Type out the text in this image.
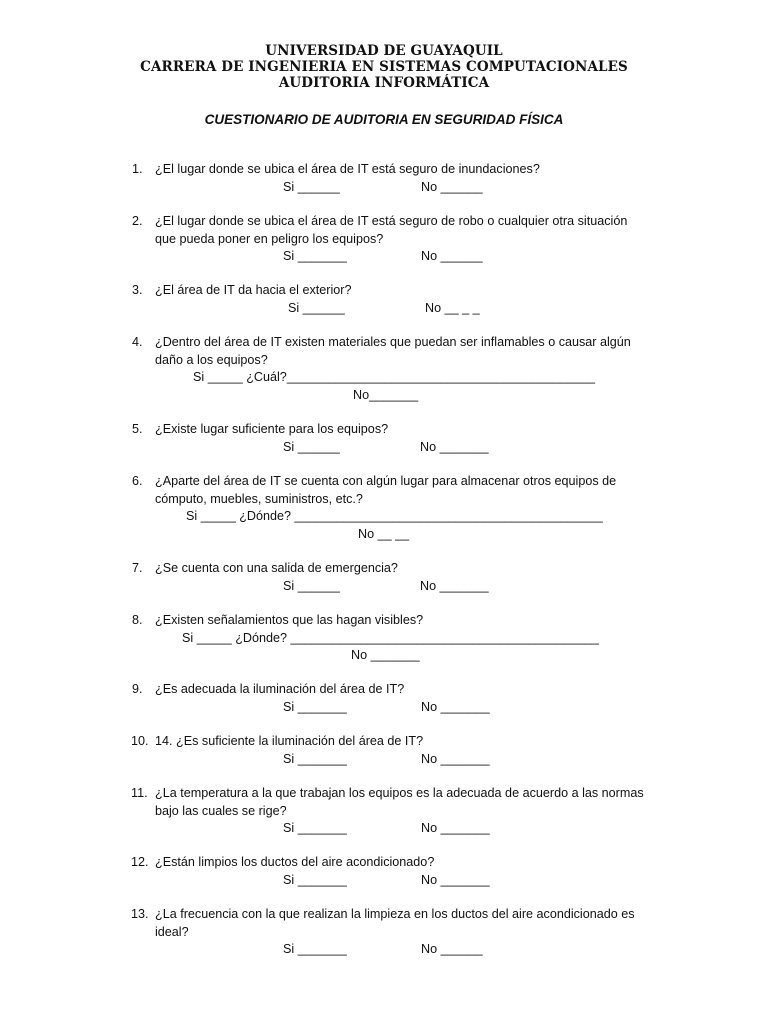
UNIVERSIDAD DE GUAYAQUIL
CARRERA DE INGENIERIA EN SISTEMAS COMPUTACIONALES
AUDITORIA INFORMÁTICA
CUESTIONARIO DE AUDITORIA EN SEGURIDAD FÍSICA
1. ¿El lugar donde se ubica el área de IT está seguro de inundaciones?
Si ______	No ______
2. ¿El lugar donde se ubica el área de IT está seguro de robo o cualquier otra situación
que pueda poner en peligro los equipos?
Si _______	No ______
3. ¿El área de IT da hacia el exterior?
Si ______	No __ _ _
4. ¿Dentro del área de IT existen materiales que puedan ser inflamables o causar algún
daño a los equipos?
Si _____ ¿Cuál?____________________________________________
No_______
5. ¿Existe lugar suficiente para los equipos?
Si ______	No _______
6. ¿Aparte del área de IT se cuenta con algún lugar para almacenar otros equipos de
cómputo, muebles, suministros, etc.?
Si _____ ¿Dónde? ____________________________________________
No __ __
7. ¿Se cuenta con una salida de emergencia?
Si ______	No _______
8. ¿Existen señalamientos que las hagan visibles?
Si _____ ¿Dónde? ____________________________________________
No _______
9. ¿Es adecuada la iluminación del área de IT?
Si _______	No _______
10. 14. ¿Es suficiente la iluminación del área de IT?
Si _______	No _______
11. ¿La temperatura a la que trabajan los equipos es la adecuada de acuerdo a las normas
bajo las cuales se rige?
Si _______	No _______
12. ¿Están limpios los ductos del aire acondicionado?
Si _______	No _______
13. ¿La frecuencia con la que realizan la limpieza en los ductos del aire acondicionado es
ideal?
Si _______	No ______
